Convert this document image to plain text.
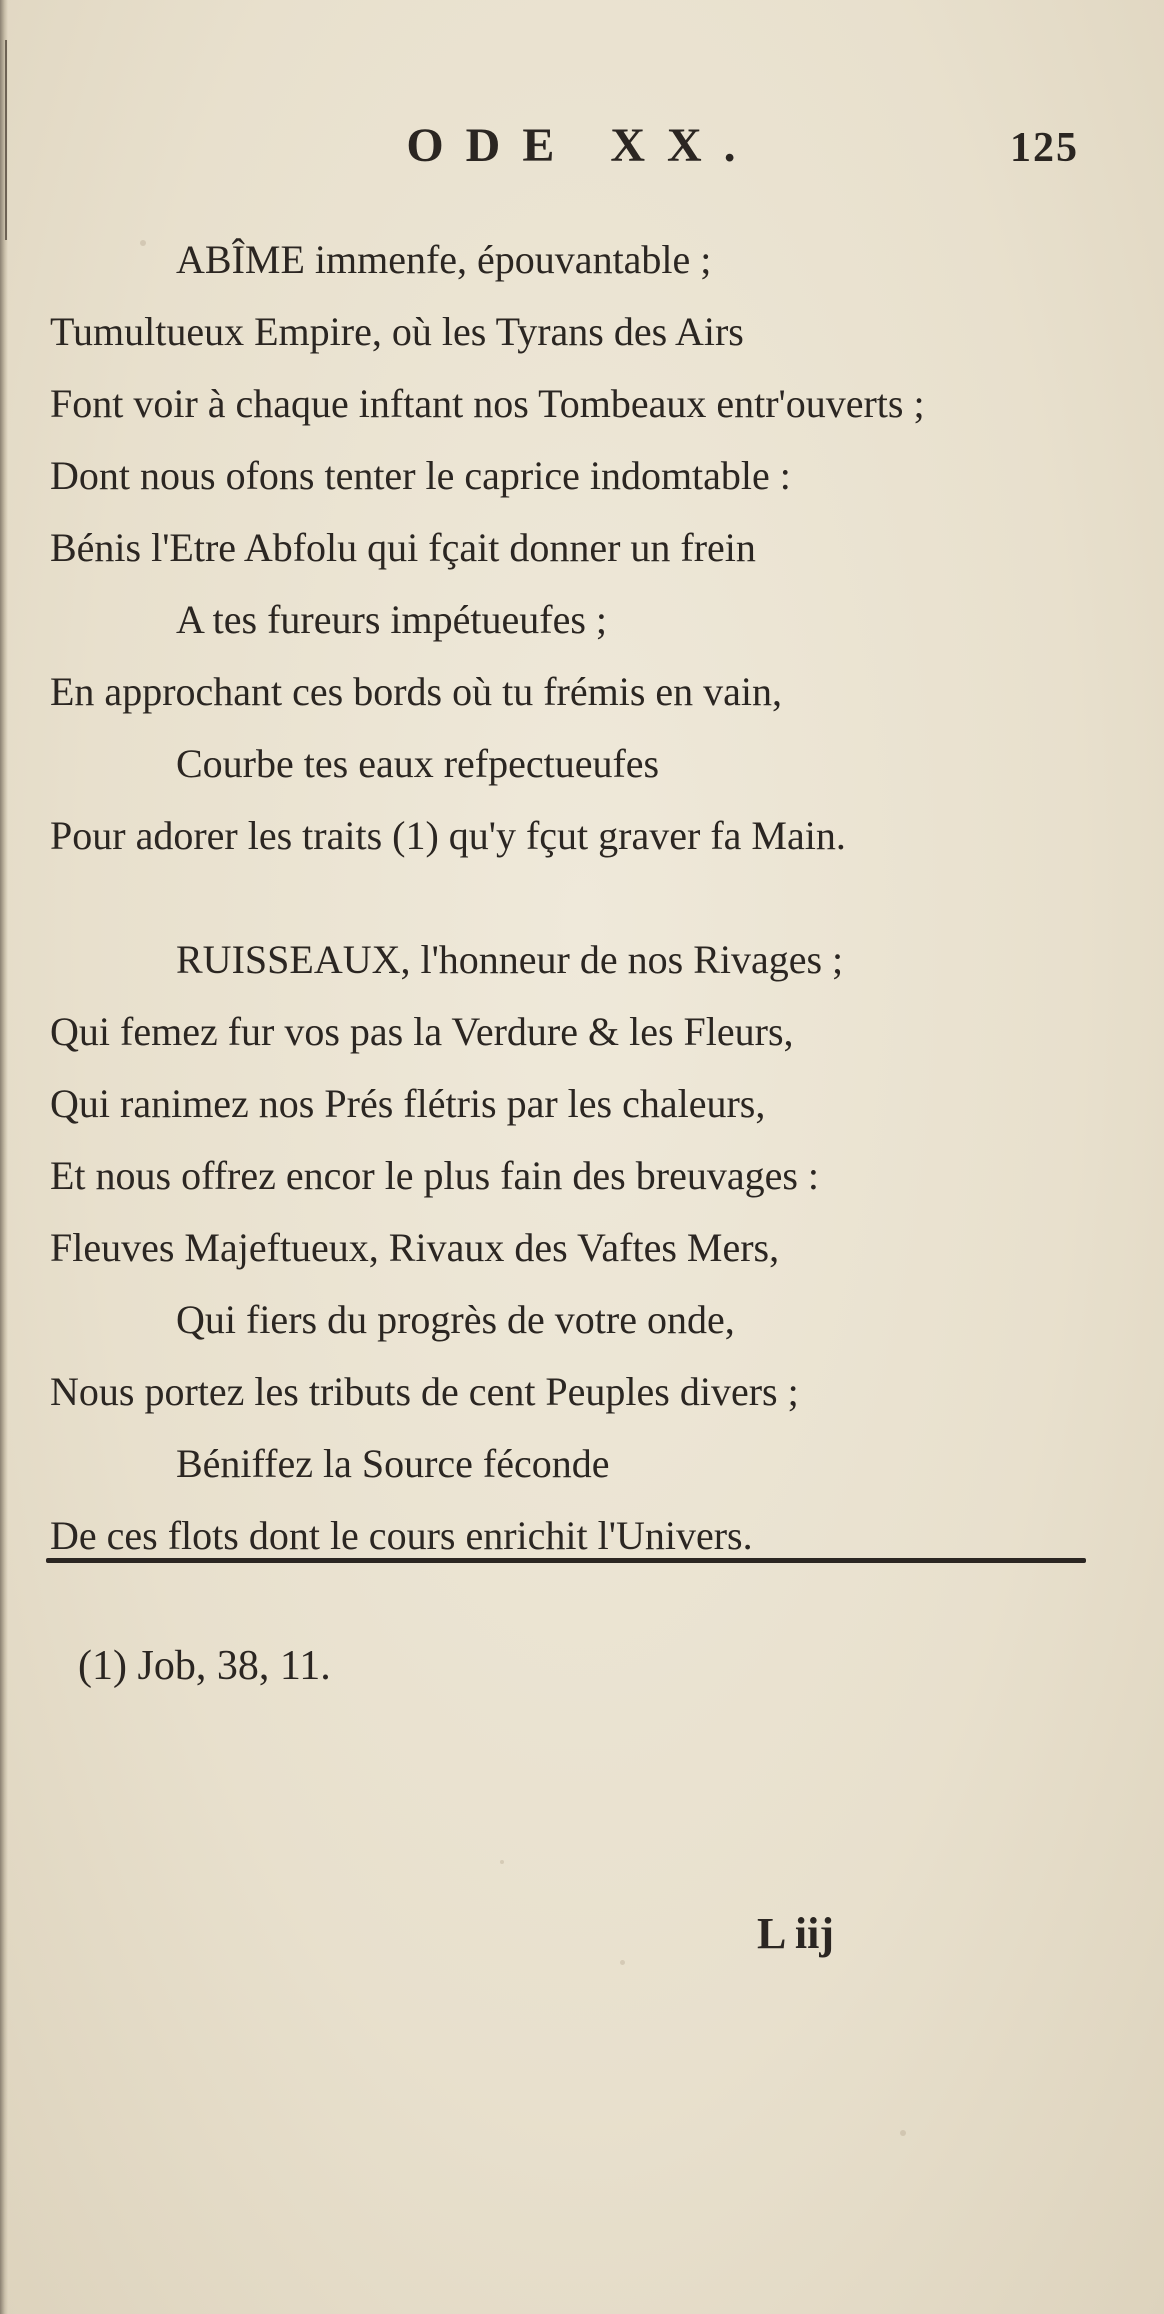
ODE XX.	125
ABÎME immenfe, épouvantable ;
Tumultueux Empire, où les Tyrans des Airs
Font voir à chaque inftant nos Tombeaux entr'ouverts ;
Dont nous ofons tenter le caprice indomtable :
Bénis l'Etre Abfolu qui fçait donner un frein
A tes fureurs impétueufes ;
En approchant ces bords où tu frémis en vain,
Courbe tes eaux refpectueufes
Pour adorer les traits (1) qu'y fçut graver fa Main.
RUISSEAUX, l'honneur de nos Rivages ;
Qui femez fur vos pas la Verdure & les Fleurs,
Qui ranimez nos Prés flétris par les chaleurs,
Et nous offrez encor le plus fain des breuvages :
Fleuves Majeftueux, Rivaux des Vaftes Mers,
Qui fiers du progrès de votre onde,
Nous portez les tributs de cent Peuples divers ;
Béniffez la Source féconde
De ces flots dont le cours enrichit l'Univers.
(1) Job, 38, 11.
L iij
